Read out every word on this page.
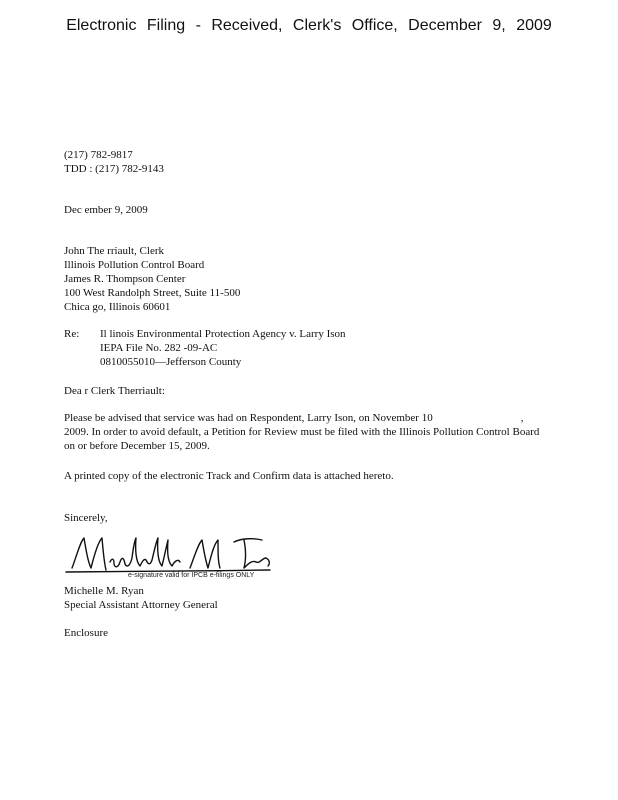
Electronic Filing - Received, Clerk's Office, December 9, 2009
(217) 782-9817
TDD : (217) 782-9143
Dec ember 9, 2009
John The rriault, Clerk
Illinois Pollution Control Board
James R. Thompson Center
100 West Randolph Street, Suite 11-500
Chica go, Illinois 60601
Re: Il linois Environmental Protection Agency v. Larry Ison
IEPA File No. 282 -09-AC
0810055010—Jefferson County
Dea r Clerk Therriault:
Please be advised that service was had on Respondent, Larry Ison, on November 10	, 2009. In order to avoid default, a Petition for Review must be filed with the Illinois Pollution Control Board on or before December 15, 2009.
A printed copy of the electronic Track and Confirm data is attached hereto.
Sincerely,
e-signature valid for IPCB e-filings ONLY
Michelle M. Ryan
Special Assistant Attorney General
Enclosure
